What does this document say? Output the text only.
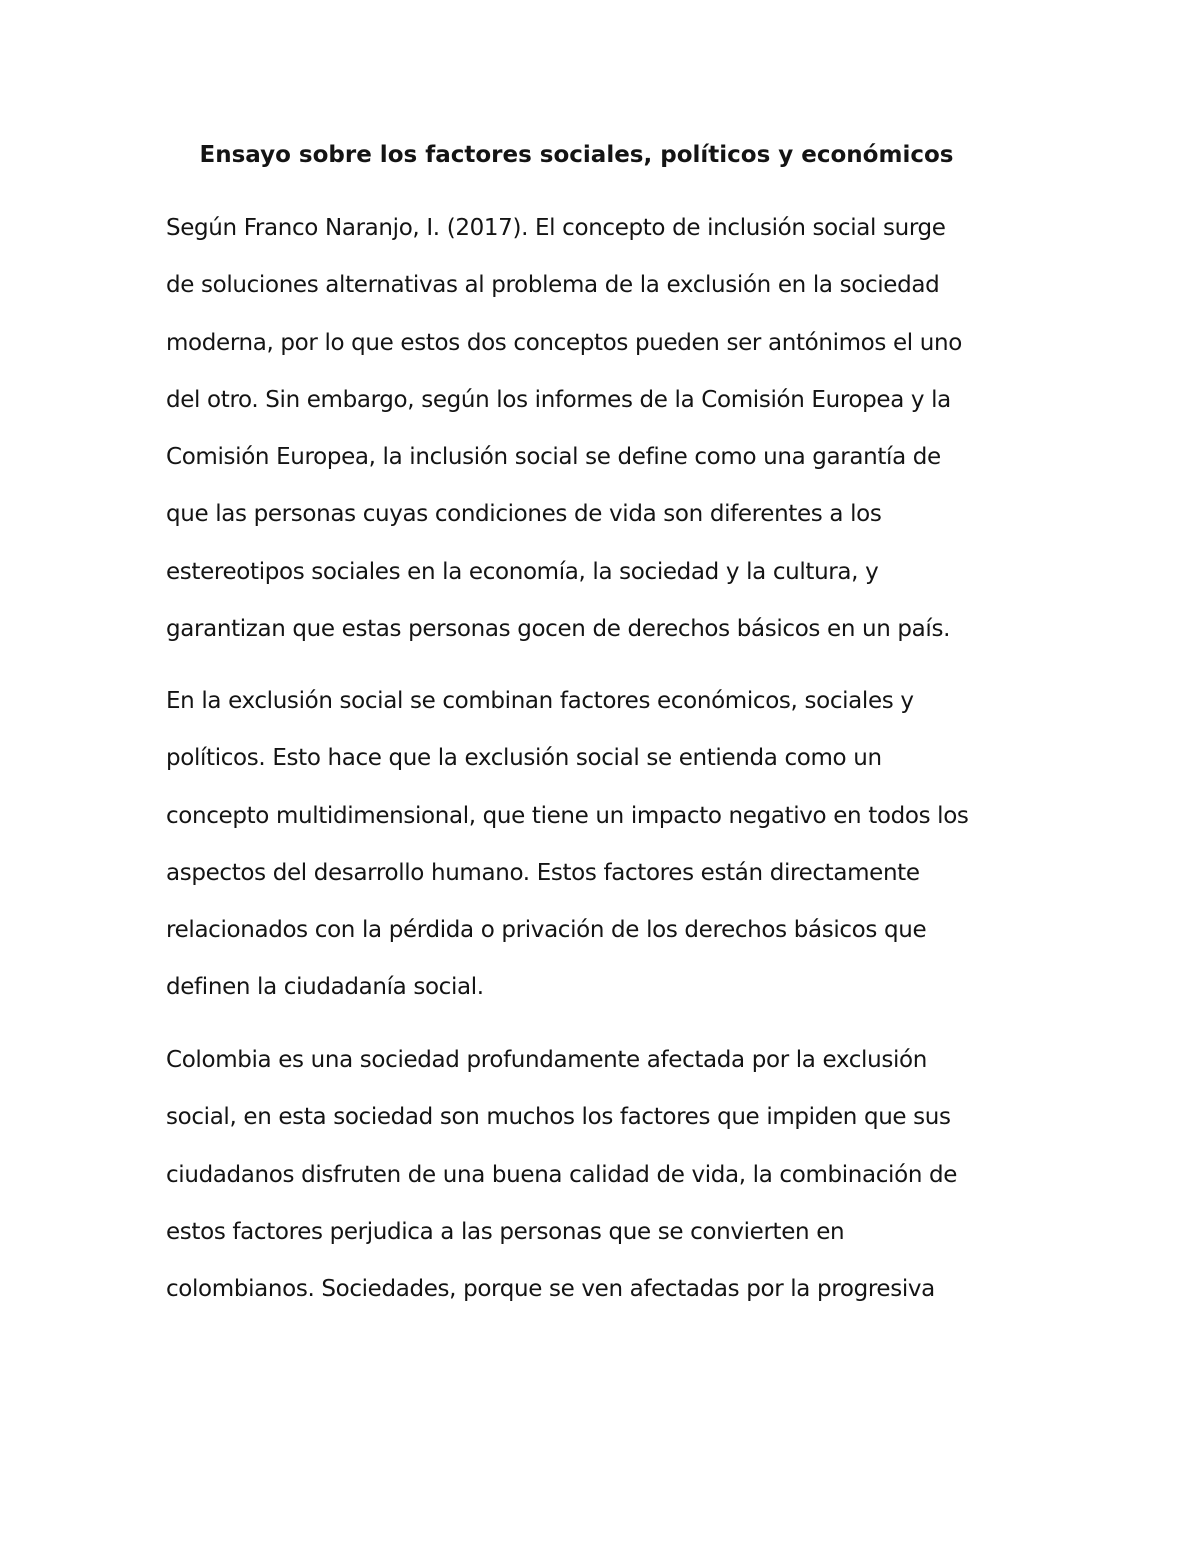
Ensayo sobre los factores sociales, políticos y económicos
Según Franco Naranjo, I. (2017). El concepto de inclusión social surge
de soluciones alternativas al problema de la exclusión en la sociedad
moderna, por lo que estos dos conceptos pueden ser antónimos el uno
del otro. Sin embargo, según los informes de la Comisión Europea y la
Comisión Europea, la inclusión social se define como una garantía de
que las personas cuyas condiciones de vida son diferentes a los
estereotipos sociales en la economía, la sociedad y la cultura, y
garantizan que estas personas gocen de derechos básicos en un país.
En la exclusión social se combinan factores económicos, sociales y
políticos. Esto hace que la exclusión social se entienda como un
concepto multidimensional, que tiene un impacto negativo en todos los
aspectos del desarrollo humano. Estos factores están directamente
relacionados con la pérdida o privación de los derechos básicos que
definen la ciudadanía social.
Colombia es una sociedad profundamente afectada por la exclusión
social, en esta sociedad son muchos los factores que impiden que sus
ciudadanos disfruten de una buena calidad de vida, la combinación de
estos factores perjudica a las personas que se convierten en
colombianos. Sociedades, porque se ven afectadas por la progresiva
